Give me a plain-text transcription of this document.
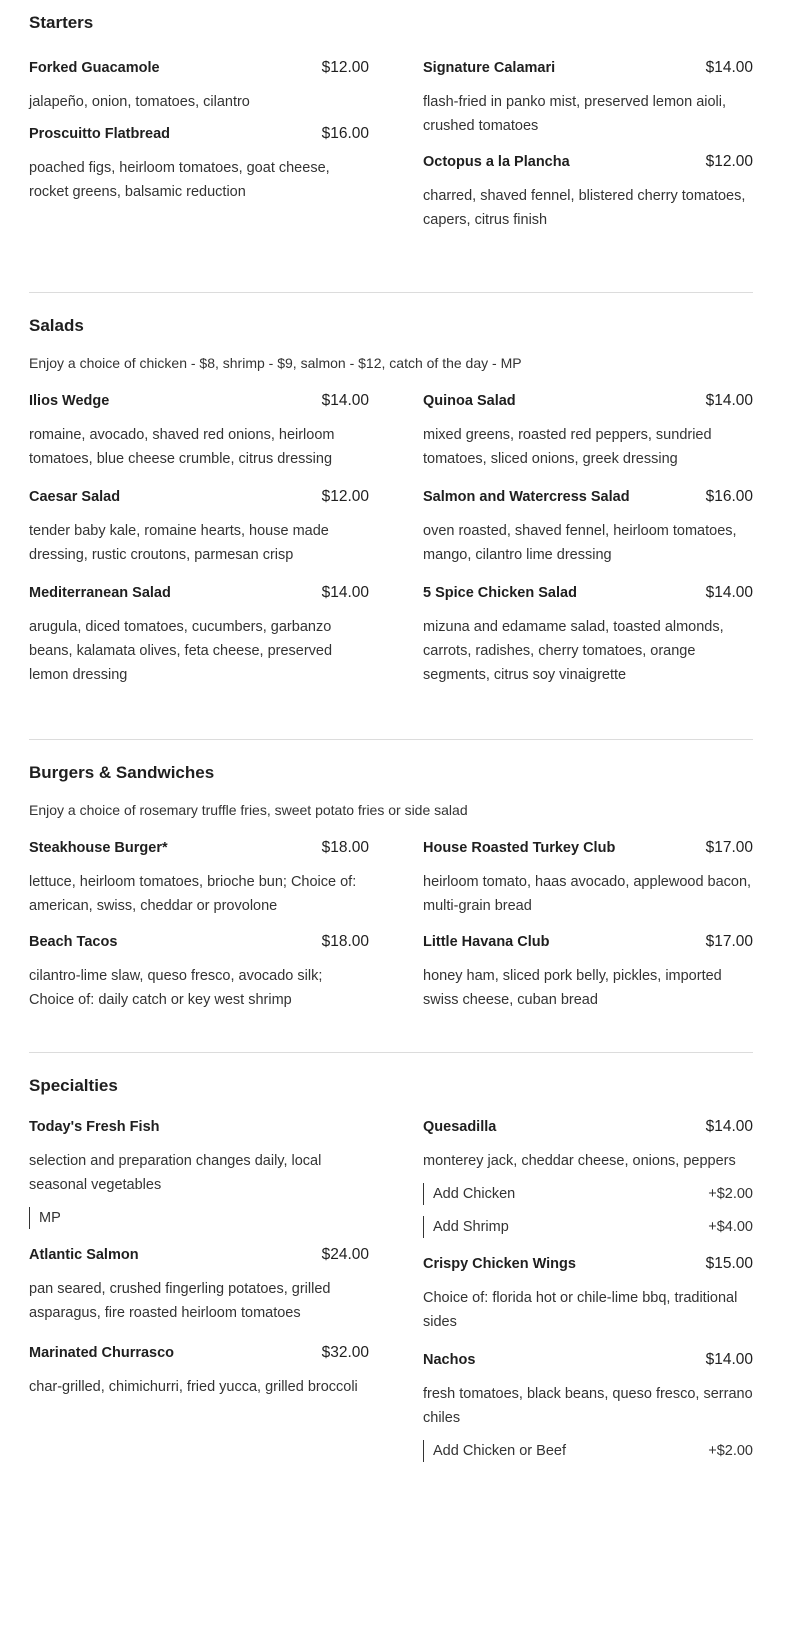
Starters
Forked Guacamole	$12.00
jalapeño, onion, tomatoes, cilantro
Proscuitto Flatbread	$16.00
poached figs, heirloom tomatoes, goat cheese, rocket greens, balsamic reduction
Signature Calamari	$14.00
flash-fried in panko mist, preserved lemon aioli, crushed tomatoes
Octopus a la Plancha	$12.00
charred, shaved fennel, blistered cherry tomatoes, capers, citrus finish
Salads
Enjoy a choice of chicken - $8, shrimp - $9, salmon - $12, catch of the day - MP
Ilios Wedge	$14.00
romaine, avocado, shaved red onions, heirloom tomatoes, blue cheese crumble, citrus dressing
Caesar Salad	$12.00
tender baby kale, romaine hearts, house made dressing, rustic croutons, parmesan crisp
Mediterranean Salad	$14.00
arugula, diced tomatoes, cucumbers, garbanzo beans, kalamata olives, feta cheese, preserved lemon dressing
Quinoa Salad	$14.00
mixed greens, roasted red peppers, sundried tomatoes, sliced onions, greek dressing
Salmon and Watercress Salad	$16.00
oven roasted, shaved fennel, heirloom tomatoes, mango, cilantro lime dressing
5 Spice Chicken Salad	$14.00
mizuna and edamame salad, toasted almonds, carrots, radishes, cherry tomatoes, orange segments, citrus soy vinaigrette
Burgers & Sandwiches
Enjoy a choice of rosemary truffle fries, sweet potato fries or side salad
Steakhouse Burger*	$18.00
lettuce, heirloom tomatoes, brioche bun; Choice of: american, swiss, cheddar or provolone
Beach Tacos	$18.00
cilantro-lime slaw, queso fresco, avocado silk; Choice of: daily catch or key west shrimp
House Roasted Turkey Club	$17.00
heirloom tomato, haas avocado, applewood bacon, multi-grain bread
Little Havana Club	$17.00
honey ham, sliced pork belly, pickles, imported swiss cheese, cuban bread
Specialties
Today's Fresh Fish
selection and preparation changes daily, local seasonal vegetables
MP
Atlantic Salmon	$24.00
pan seared, crushed fingerling potatoes, grilled asparagus, fire roasted heirloom tomatoes
Marinated Churrasco	$32.00
char-grilled, chimichurri, fried yucca, grilled broccoli
Quesadilla	$14.00
monterey jack, cheddar cheese, onions, peppers
Add Chicken	+$2.00
Add Shrimp	+$4.00
Crispy Chicken Wings	$15.00
Choice of: florida hot or chile-lime bbq, traditional sides
Nachos	$14.00
fresh tomatoes, black beans, queso fresco, serrano chiles
Add Chicken or Beef	+$2.00
